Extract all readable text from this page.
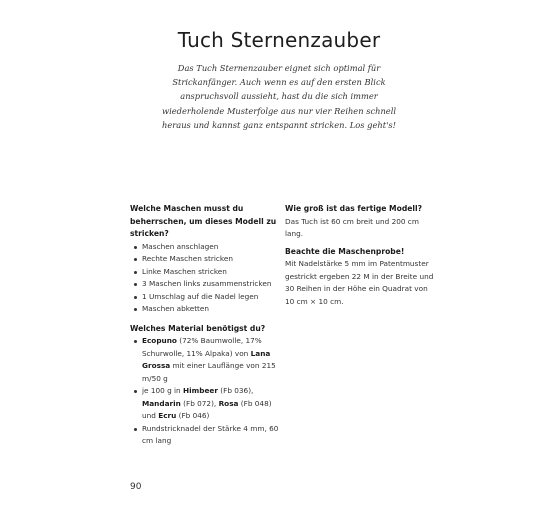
Tuch Sternenzauber

Das Tuch Sternenzauber eignet sich optimal für Strickanfänger. Auch wenn es auf den ersten Blick anspruchsvoll aussieht, hast du die sich immer wiederholende Musterfolge aus nur vier Reihen schnell heraus und kannst ganz entspannt stricken. Los geht's!

Welche Maschen musst du beherrschen, um dieses Modell zu stricken?

Maschen anschlagen
Rechte Maschen stricken
Linke Maschen stricken
3 Maschen links zusammenstricken
1 Umschlag auf die Nadel legen
Maschen abketten

Welches Material benötigst du?

Ecopuno (72% Baumwolle, 17% Schurwolle, 11% Alpaka) von Lana Grossa mit einer Lauflänge von 215 m/50 g
je 100 g in Himbeer (Fb 036), Mandarin (Fb 072), Rosa (Fb 048) und Ecru (Fb 046)
Rundstricknadel der Stärke 4 mm, 60 cm lang

Wie groß ist das fertige Modell?

Das Tuch ist 60 cm breit und 200 cm lang.

Beachte die Maschenprobe!

Mit Nadelstärke 5 mm im Patentmuster gestrickt ergeben 22 M in der Breite und 30 Reihen in der Höhe ein Quadrat von 10 cm × 10 cm.

90
